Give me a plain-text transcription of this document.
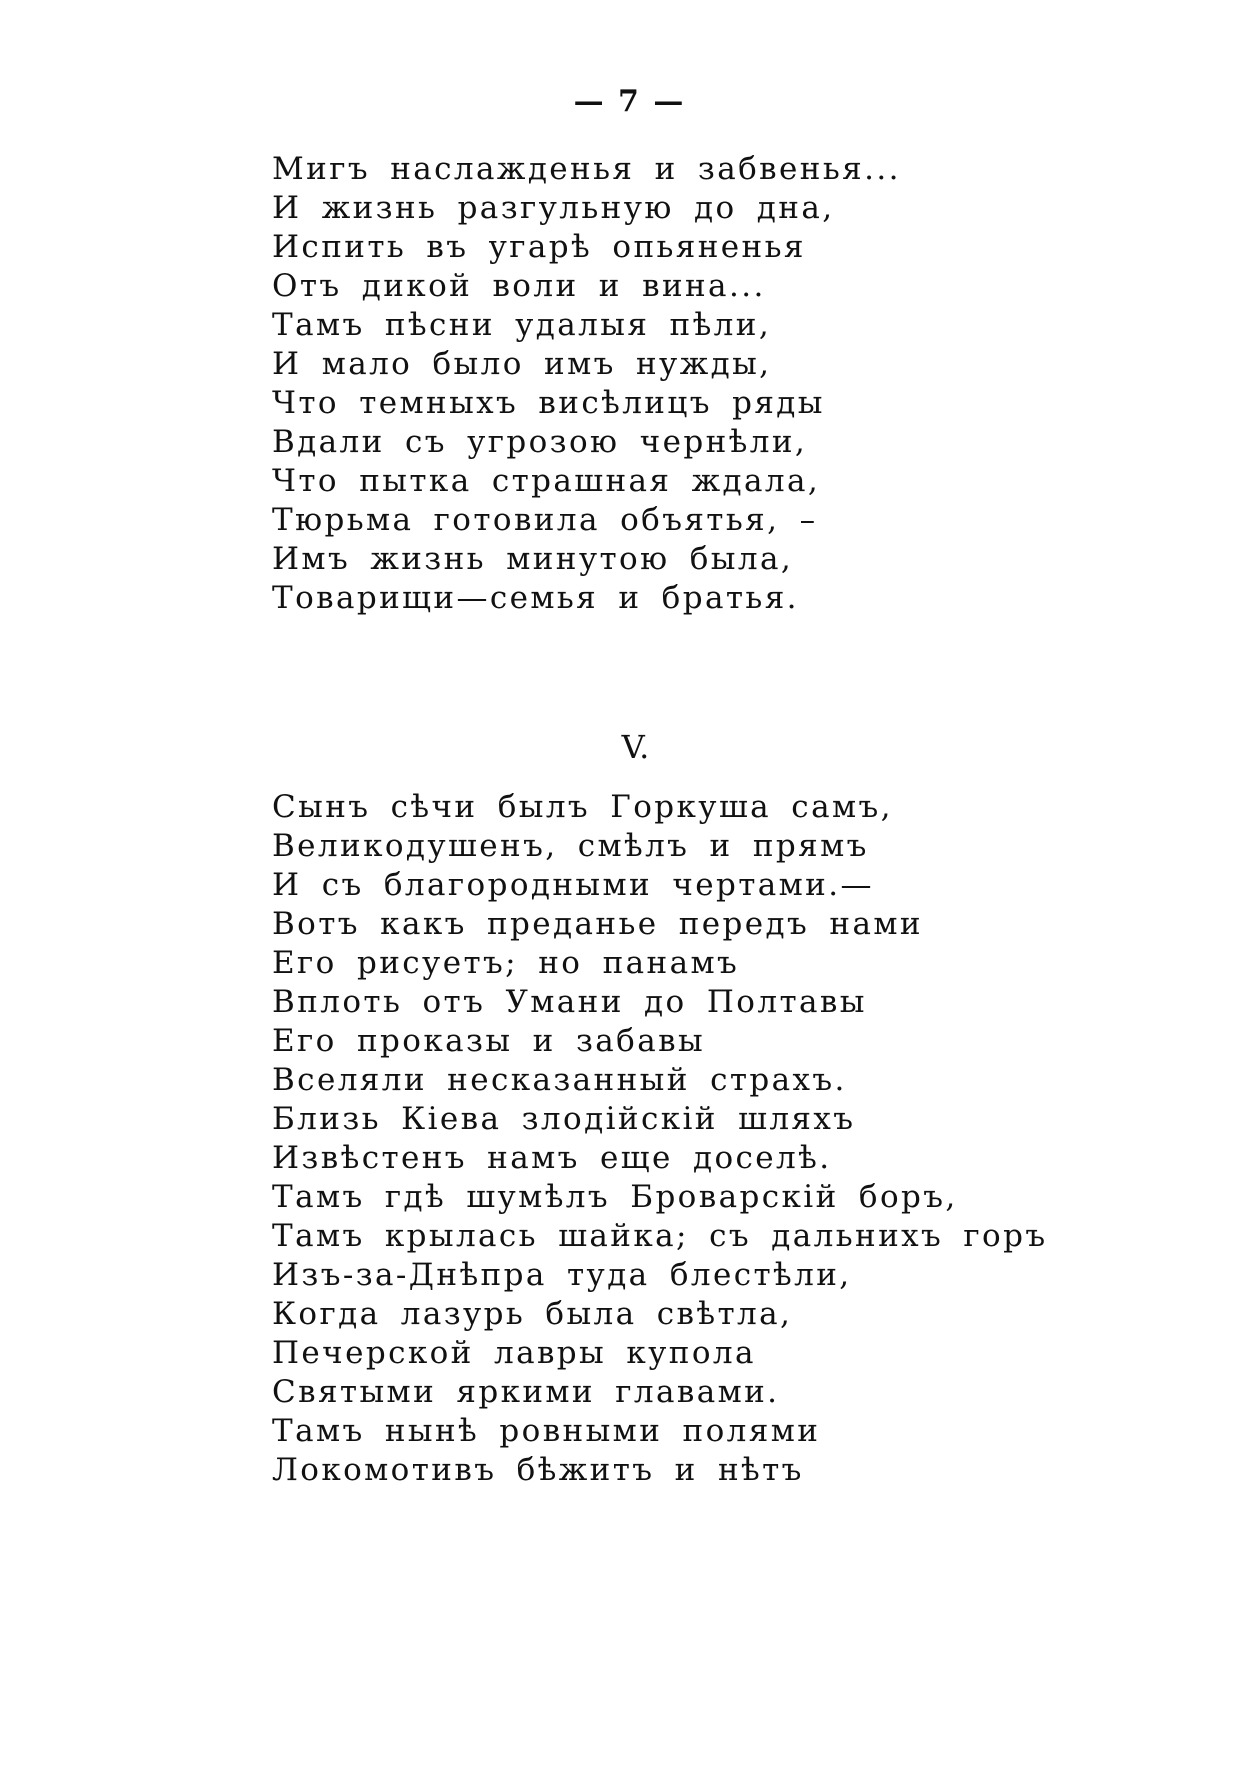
— 7 —
Мигъ наслажденья и забвенья...
И жизнь разгульную до дна,
Испить въ угарѣ опьяненья
Отъ дикой воли и вина...
Тамъ пѣсни удалыя пѣли,
И мало было имъ нужды,
Что темныхъ висѣлицъ ряды
Вдали съ угрозою чернѣли,
Что пытка страшная ждала,
Тюрьма готовила объятья, –
Имъ жизнь минутою была,
Товарищи—семья и братья.
V.
Сынъ сѣчи былъ Горкуша самъ,
Великодушенъ, смѣлъ и прямъ
И съ благородными чертами.—
Вотъ какъ преданье передъ нами
Его рисуетъ; но панамъ
Вплоть отъ Умани до Полтавы
Его проказы и забавы
Вселяли несказанный страхъ.
Близь Кіева злодійскій шляхъ
Извѣстенъ намъ еще доселѣ.
Тамъ гдѣ шумѣлъ Броварскій боръ,
Тамъ крылась шайка; съ дальнихъ горъ
Изъ-за-Днѣпра туда блестѣли,
Когда лазурь была свѣтла,
Печерской лавры купола
Святыми яркими главами.
Тамъ нынѣ ровными полями
Локомотивъ бѣжитъ и нѣтъ
